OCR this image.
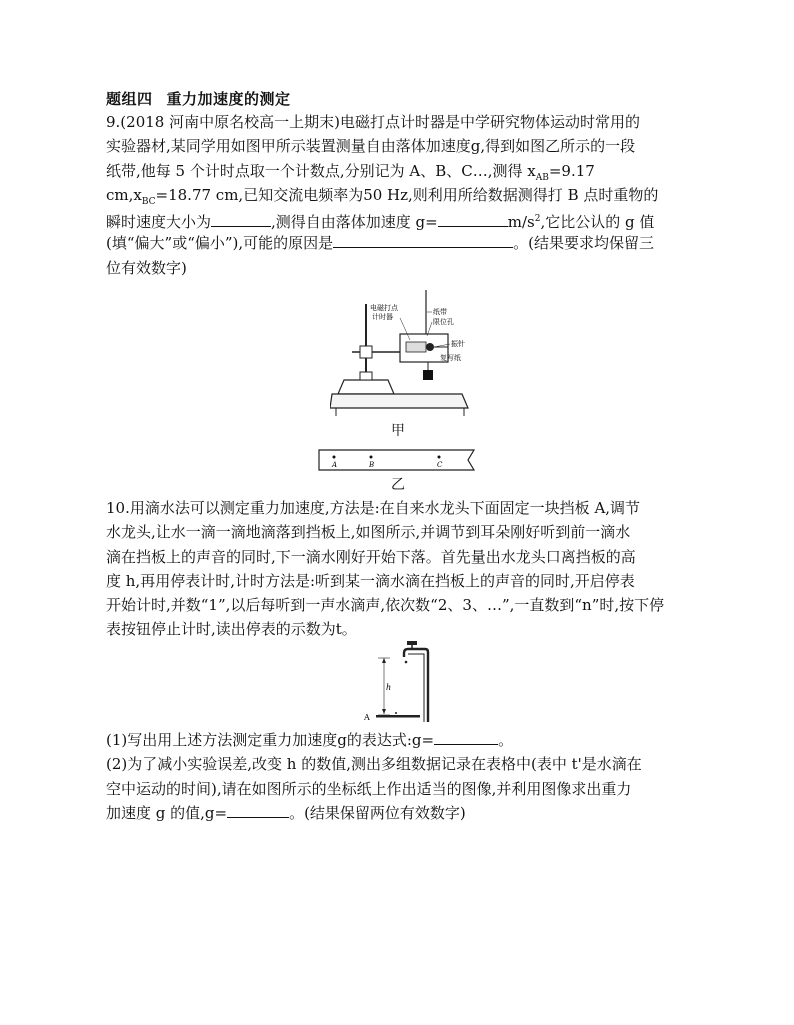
题组四 重力加速度的测定
9.(2018 河南中原名校高一上期末)电磁打点计时器是中学研究物体运动时常用的
实验器材,某同学用如图甲所示装置测量自由落体加速度g,得到如图乙所示的一段
纸带,他每 5 个计时点取一个计数点,分别记为 A、B、C…,测得 $x_{AB}=9.17$
$cm,x_{BC}=18.77$ cm,已知交流电频率为50 Hz,则利用所给数据测得打 B 点时重物的
瞬时速度大小为	,测得自由落体加速度 g=	$m/s^2$,它比公认的 g 值
(填“偏大”或“偏小”),可能的原因是	。(结果要求均保留三
位有效数字)
电磁打点
计时器
纸带
限位孔
振针
复写纸
甲
A	B	C
乙
10.用滴水法可以测定重力加速度,方法是:在自来水龙头下面固定一块挡板 A,调节
水龙头,让水一滴一滴地滴落到挡板上,如图所示,并调节到耳朵刚好听到前一滴水
滴在挡板上的声音的同时,下一滴水刚好开始下落。首先量出水龙头口离挡板的高
度 h,再用停表计时,计时方法是:听到某一滴水滴在挡板上的声音的同时,开启停表
开始计时,并数“1”,以后每听到一声水滴声,依次数“2、3、…”,一直数到“n”时,按下停
表按钮停止计时,读出停表的示数为t。
h
A
(1)写出用上述方法测定重力加速度g的表达式:g=	。
(2)为了减小实验误差,改变 h 的数值,测出多组数据记录在表格中(表中 t'是水滴在
空中运动的时间),请在如图所示的坐标纸上作出适当的图像,并利用图像求出重力
加速度 g 的值,g=	。(结果保留两位有效数字)
